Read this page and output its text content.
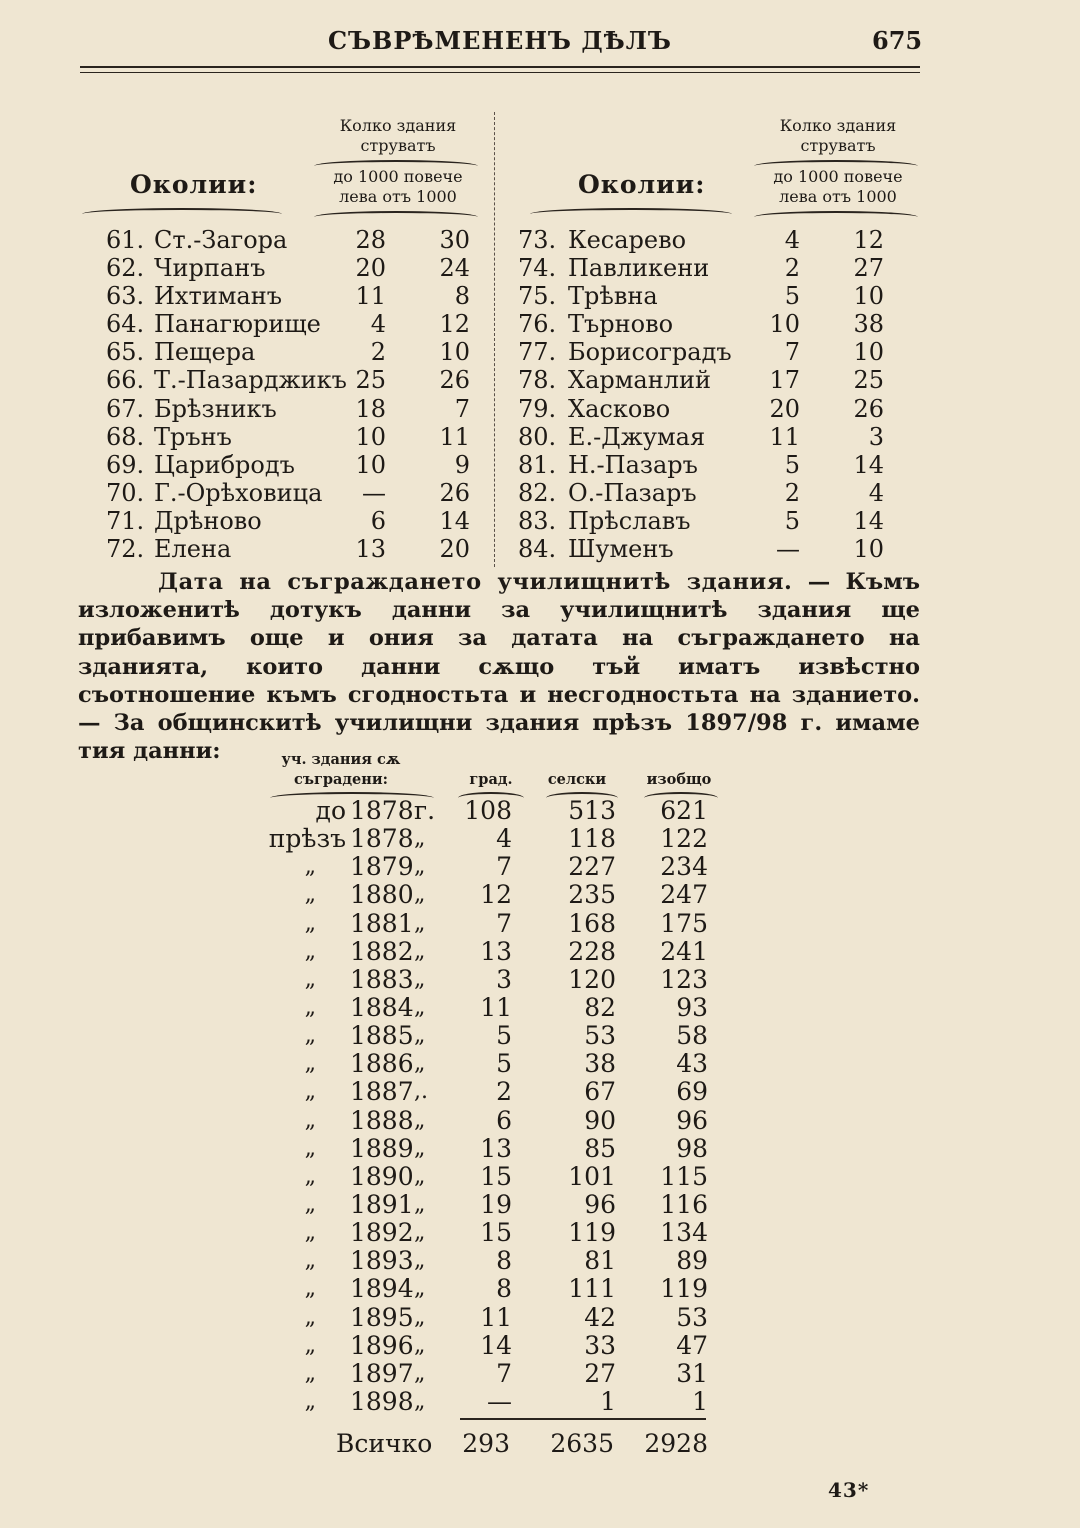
СЪВРѢМЕНЕНЪ ДѢЛЪ	675
Колко здания
струватъ
до 1000 повече
лева отъ 1000
Околии:
Колко здания
струватъ
до 1000 повече
лева отъ 1000
Околии:
61. Ст.-Загора	28	30 73. Кесарево	4	12
62. Чирпанъ	20	24 74. Павликени	2	27
63. Ихтиманъ	11	8 75. Трѣвна	5	10
64. Панагюрище	4	12 76. Търново	10	38
65. Пещера	2	10 77. Борисоградъ	7	10
66. Т.-Пазарджикъ 25	26 78. Харманлий	17	25
67. Брѣзникъ	18	7 79. Хасково	20	26
68. Трънъ	10	11 80. Е.-Джумая	11	3
69. Царибродъ	10	9 81. Н.-Пазаръ	5	14
70. Г.-Орѣховица	—	26 82. О.-Пазаръ	2	4
71. Дрѣново	6	14 83. Прѣславъ	5	14
72. Елена	13	20 84. Шуменъ	—	10
Дата на съграждането училищнитѣ здания. — Къмъ изложенитѣ дотукъ данни за училищнитѣ здания ще прибавимъ още и ония за датата на съграждането на зданията, които данни сѫщо тъй иматъ извѣстно съотношение къмъ сгодностьта и несгодностьта на зданието. — За общинскитѣ училищни здания прѣзъ 1897/98 г. имаме тия данни:	уч. здания сѫ
съградени:	град.	селски	изобщо
до 1878 г.	108	513	621
прѣзъ 1878 „	4	118	122
„ 1879 „	7	227	234
„ 1880 „	12	235	247
„ 1881 „	7	168	175
„ 1882 „	13	228	241
„ 1883 „	3	120	123
„ 1884 „	11	82	93
„ 1885 „	5	53	58
„ 1886 „	5	38	43
„ 1887 ,.	2	67	69
„ 1888 „	6	90	96
„ 1889 „	13	85	98
„ 1890 „	15	101	115
„ 1891 „	19	96	116
„ 1892 „	15	119	134
„ 1893 „	8	81	89
„ 1894 „	8	111	119
„ 1895 „	11	42	53
„ 1896 „	14	33	47
„ 1897 „	7	27	31
„ 1898 „	—	1	1
Всичко	293	2635	2928
43*
